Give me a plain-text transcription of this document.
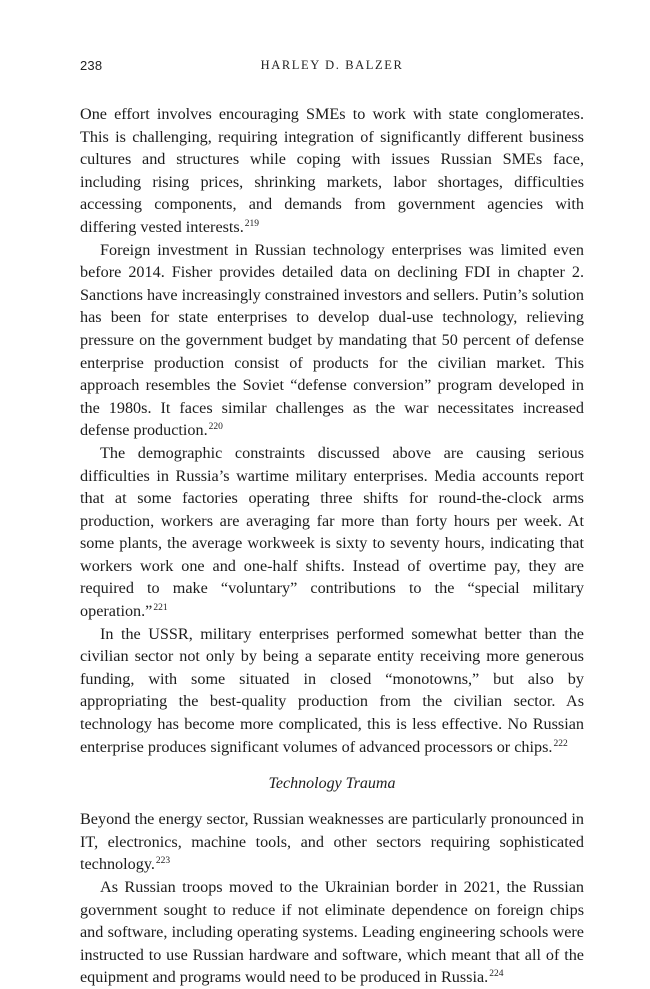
238	HARLEY D. BALZER

One effort involves encouraging SMEs to work with state conglomerates. This is challenging, requiring integration of significantly different business cultures and structures while coping with issues Russian SMEs face, including rising prices, shrinking markets, labor shortages, difficulties accessing components, and demands from government agencies with differing vested interests.$^{219}$

Foreign investment in Russian technology enterprises was limited even before 2014. Fisher provides detailed data on declining FDI in chapter 2. Sanctions have increasingly constrained investors and sellers. Putin’s solution has been for state enterprises to develop dual-use technology, relieving pressure on the government budget by mandating that 50 percent of defense enterprise production consist of products for the civilian market. This approach resembles the Soviet “defense conversion” program developed in the 1980s. It faces similar challenges as the war necessitates increased defense production.$^{220}$

The demographic constraints discussed above are causing serious difficulties in Russia’s wartime military enterprises. Media accounts report that at some factories operating three shifts for round-the-clock arms production, workers are averaging far more than forty hours per week. At some plants, the average workweek is sixty to seventy hours, indicating that workers work one and one-half shifts. Instead of overtime pay, they are required to make “voluntary” contributions to the “special military operation.”$^{221}$

In the USSR, military enterprises performed somewhat better than the civilian sector not only by being a separate entity receiving more generous funding, with some situated in closed “monotowns,” but also by appropriating the best-quality production from the civilian sector. As technology has become more complicated, this is less effective. No Russian enterprise produces significant volumes of advanced processors or chips.$^{222}$

Technology Trauma

Beyond the energy sector, Russian weaknesses are particularly pronounced in IT, electronics, machine tools, and other sectors requiring sophisticated technology.$^{223}$

As Russian troops moved to the Ukrainian border in 2021, the Russian government sought to reduce if not eliminate dependence on foreign chips and software, including operating systems. Leading engineering schools were instructed to use Russian hardware and software, which meant that all of the equipment and programs would need to be produced in Russia.$^{224}$
